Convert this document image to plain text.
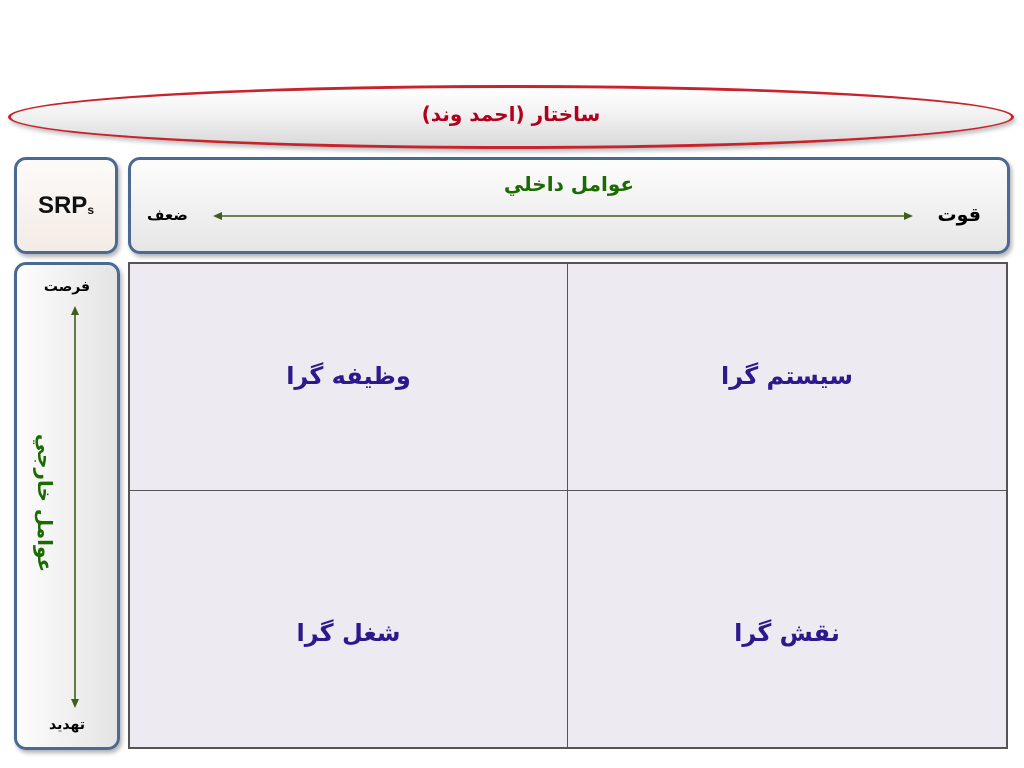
ساختار (احمد وند)
$SRP_s$
عوامل داخلي
قوت
ضعف
فرصت
تهديد
عوامل خارجي
وظيفه گرا	سيستم گرا
شغل گرا	نقش گرا
